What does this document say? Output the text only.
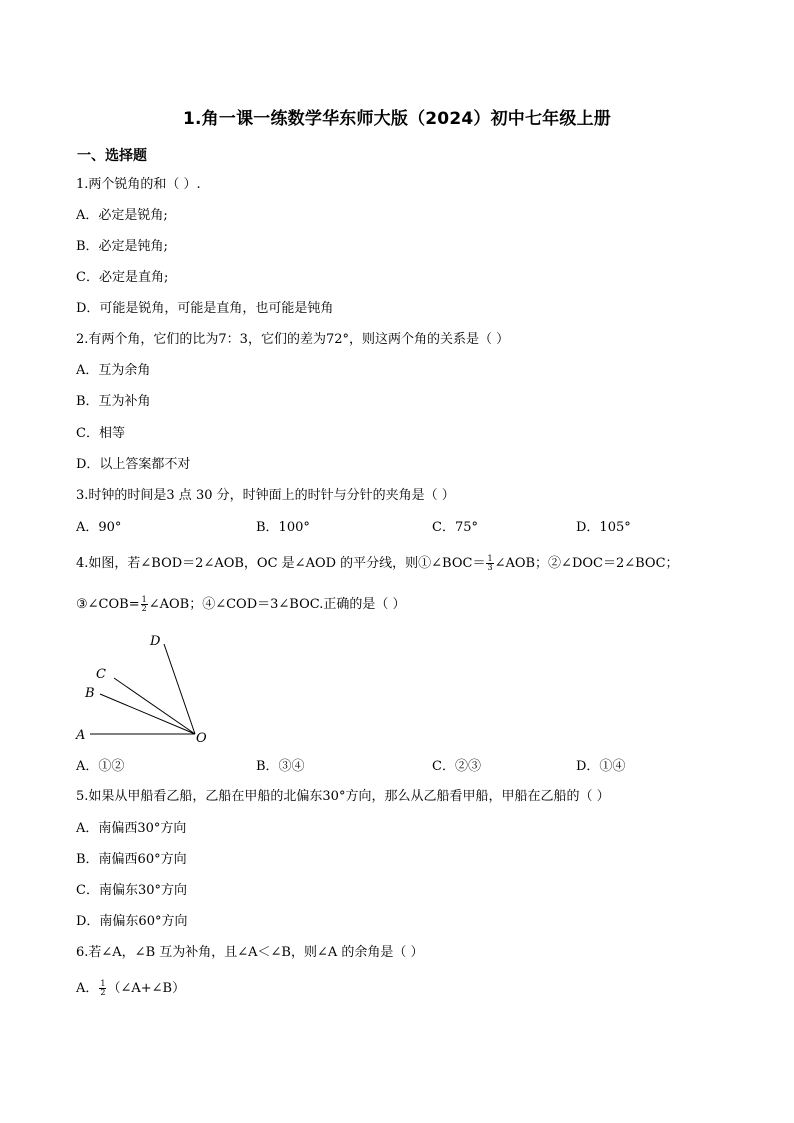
1.角一课一练数学华东师大版（2024）初中七年级上册
一、选择题
1.两个锐角的和（ ）.
A．必定是锐角;
B．必定是钝角;
C．必定是直角;
D．可能是锐角，可能是直角，也可能是钝角
2.有两个角，它们的比为7：3，它们的差为72°，则这两个角的关系是（ ）
A．互为余角
B．互为补角
C．相等
D．以上答案都不对
3.时钟的时间是3 点 30 分，时钟面上的时针与分针的夹角是（ ）
A．90°	B．100°	C．75°	D．105°
4.如图，若∠BOD＝2∠AOB，OC 是∠AOD 的平分线，则①∠BOC＝ $\frac{1}{3}$ ∠AOB；②∠DOC＝2∠BOC；
③∠COB= $\frac{1}{2}$ ∠AOB；④∠COD＝3∠BOC.正确的是（ ）
D
C
B
A	O
A．①②	B．③④	C．②③	D．①④
5.如果从甲船看乙船，乙船在甲船的北偏东30°方向，那么从乙船看甲船，甲船在乙船的（ ）
A．南偏西30°方向
B．南偏西60°方向
C．南偏东30°方向
D．南偏东60°方向
6.若∠A，∠B 互为补角，且∠A＜∠B，则∠A 的余角是（ ）
A． $\frac{1}{2}$ （∠A+∠B）
